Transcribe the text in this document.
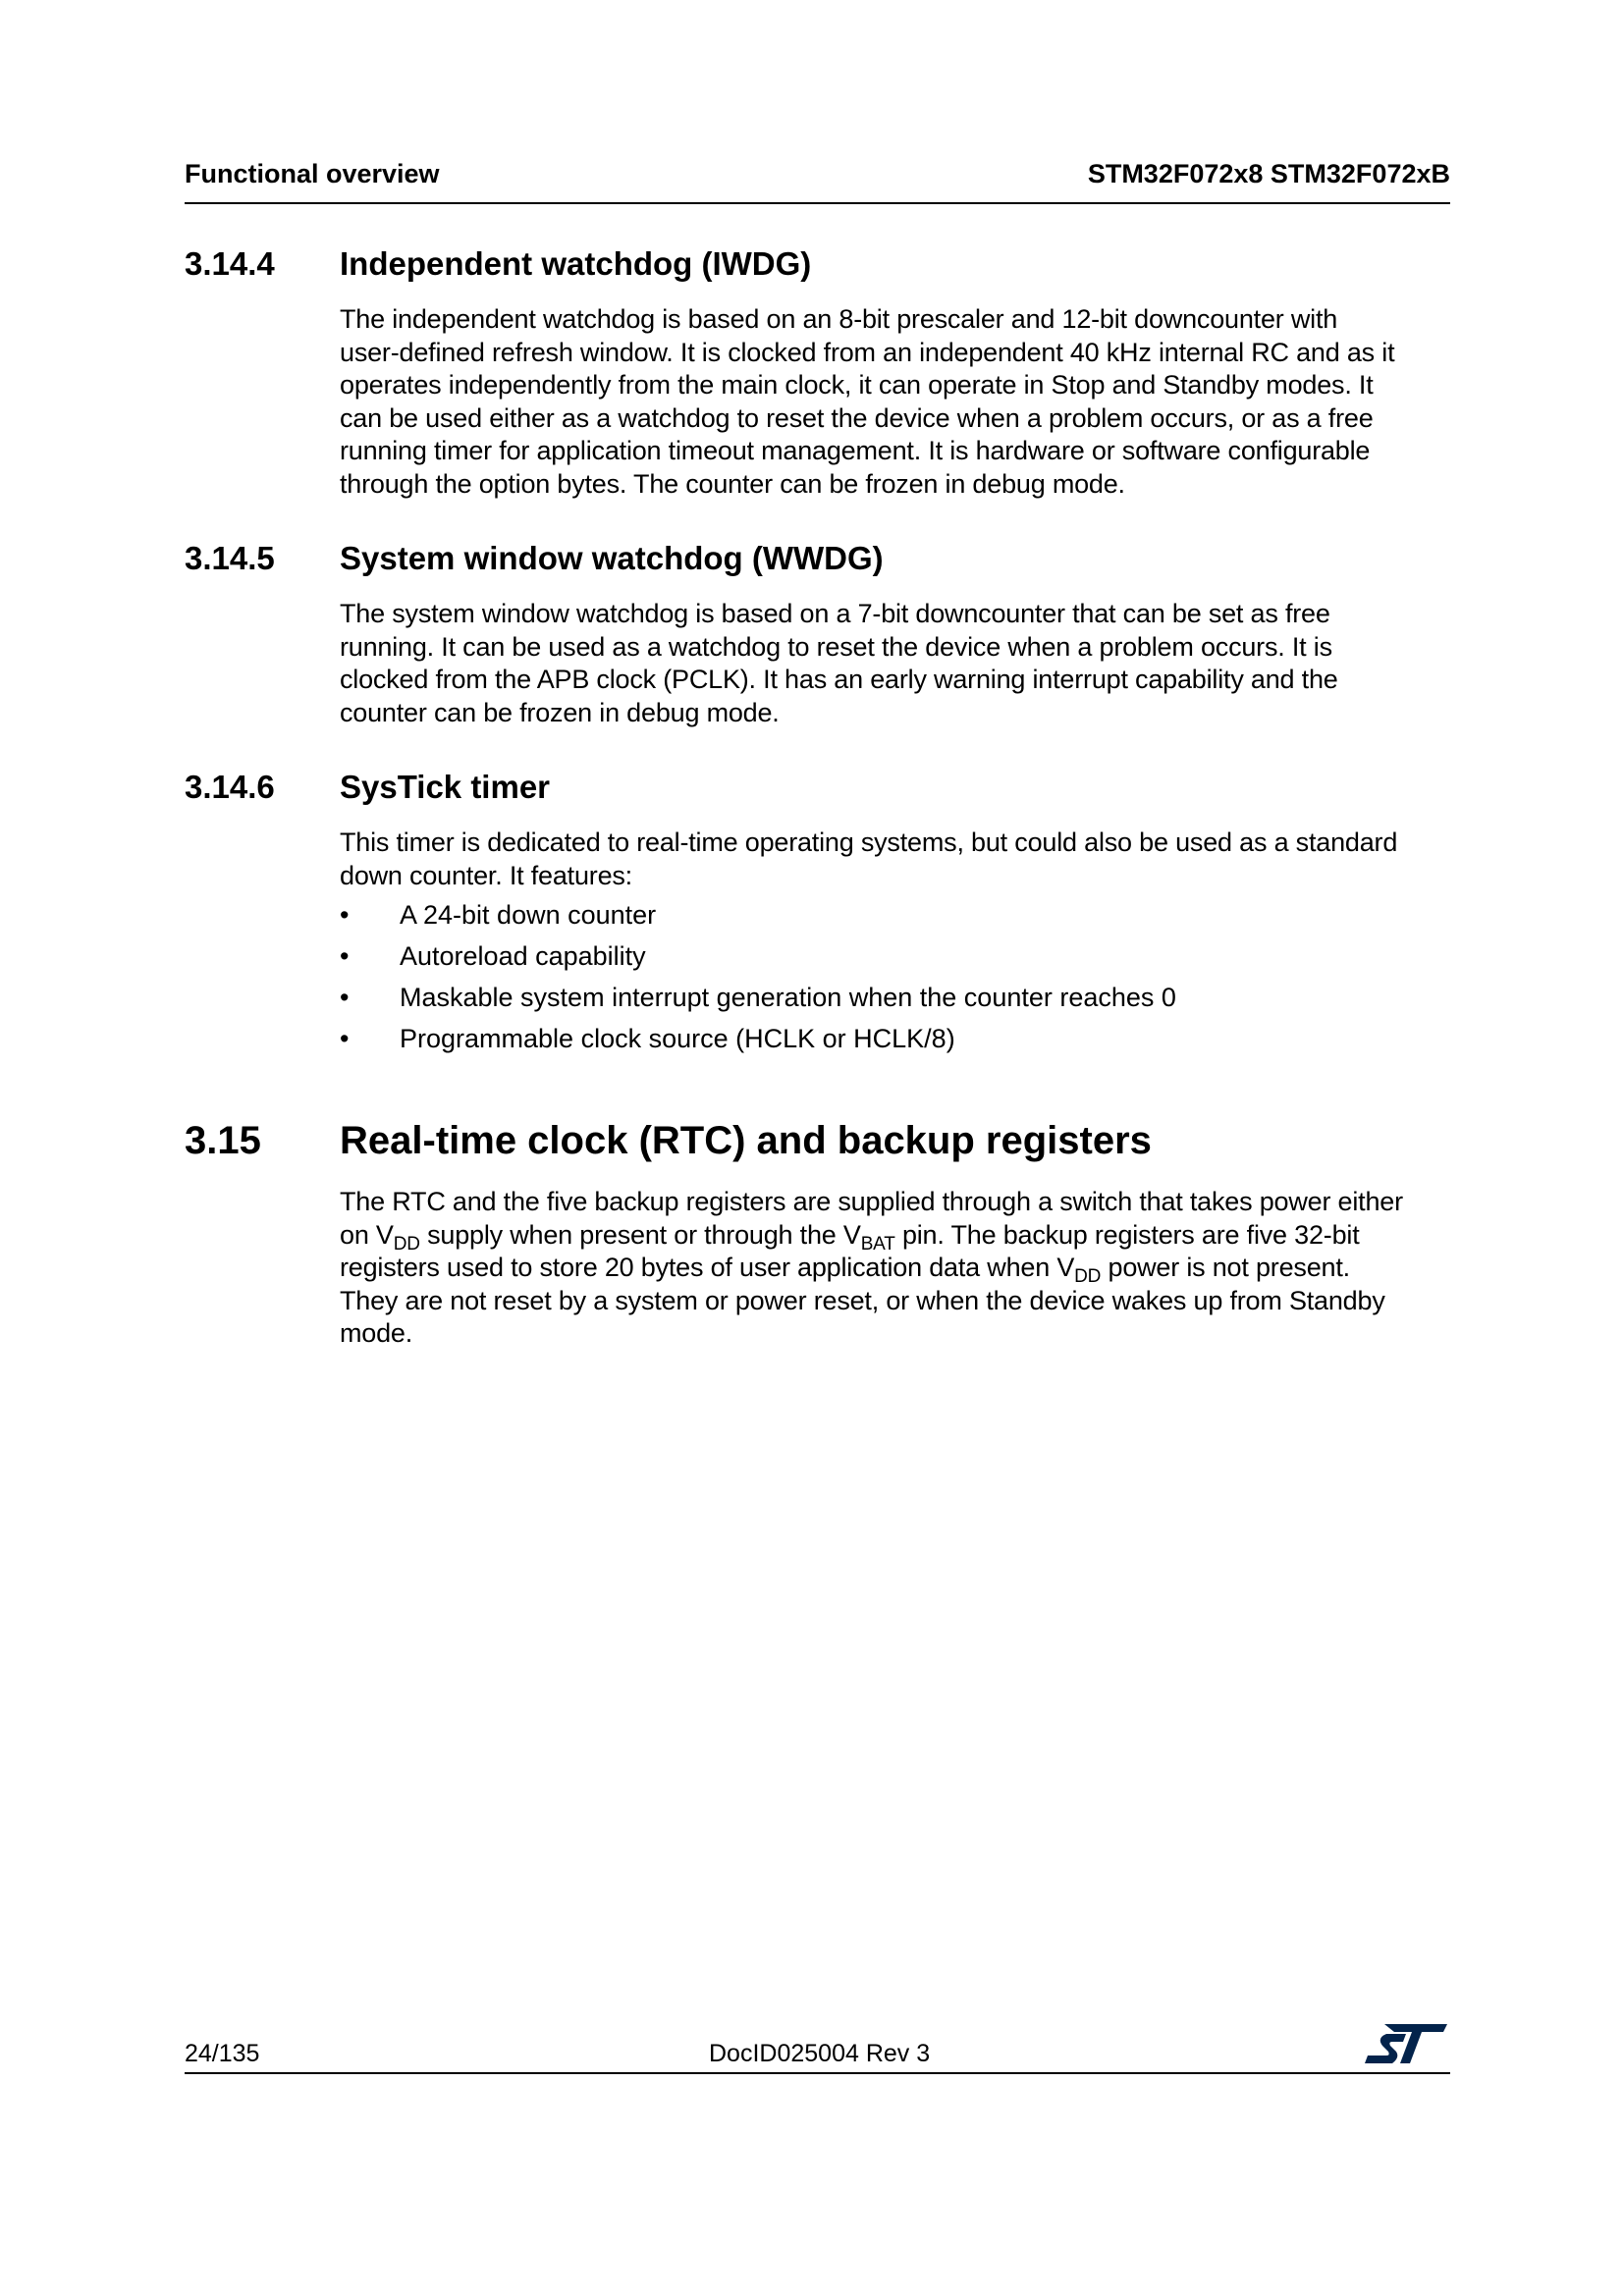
Functional overview	STM32F072x8 STM32F072xB
3.14.4 Independent watchdog (IWDG)
The independent watchdog is based on an 8-bit prescaler and 12-bit downcounter with
user-defined refresh window. It is clocked from an independent 40 kHz internal RC and as it
operates independently from the main clock, it can operate in Stop and Standby modes. It
can be used either as a watchdog to reset the device when a problem occurs, or as a free
running timer for application timeout management. It is hardware or software configurable
through the option bytes. The counter can be frozen in debug mode.
3.14.5 System window watchdog (WWDG)
The system window watchdog is based on a 7-bit downcounter that can be set as free
running. It can be used as a watchdog to reset the device when a problem occurs. It is
clocked from the APB clock (PCLK). It has an early warning interrupt capability and the
counter can be frozen in debug mode.
3.14.6 SysTick timer
This timer is dedicated to real-time operating systems, but could also be used as a standard
down counter. It features:
• A 24-bit down counter
• Autoreload capability
• Maskable system interrupt generation when the counter reaches 0
• Programmable clock source (HCLK or HCLK/8)
3.15 Real-time clock (RTC) and backup registers
The RTC and the five backup registers are supplied through a switch that takes power either
on $V_{DD}$ supply when present or through the $V_{BAT}$ pin. The backup registers are five 32-bit
registers used to store 20 bytes of user application data when $V_{DD}$ power is not present.
They are not reset by a system or power reset, or when the device wakes up from Standby
mode.
24/135	DocID025004 Rev 3
